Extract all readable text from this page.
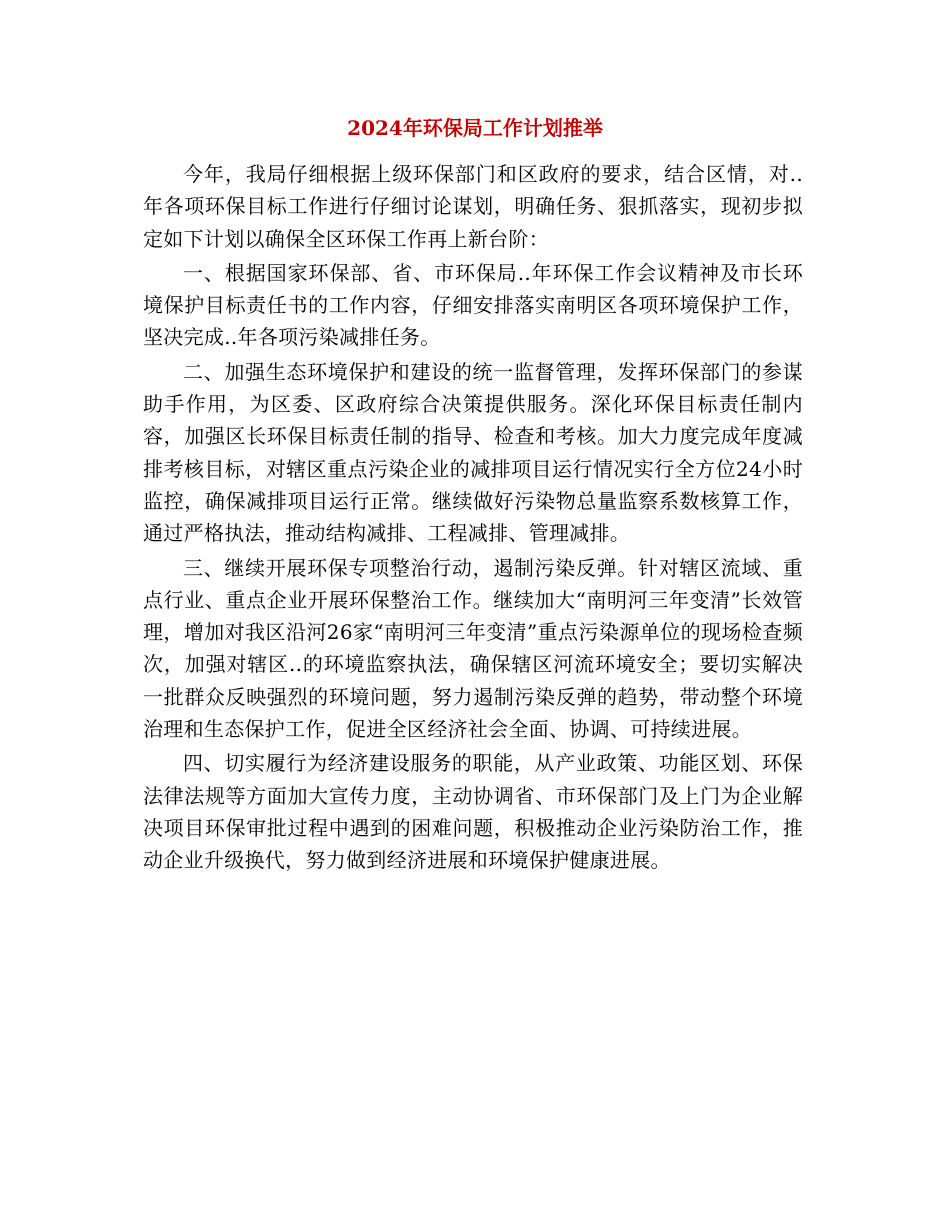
2024年环保局工作计划推举

今年，我局仔细根据上级环保部门和区政府的要求，结合区情，对..年各项环保目标工作进行仔细讨论谋划，明确任务、狠抓落实，现初步拟定如下计划以确保全区环保工作再上新台阶：

一、根据国家环保部、省、市环保局..年环保工作会议精神及市长环境保护目标责任书的工作内容，仔细安排落实南明区各项环境保护工作，坚决完成..年各项污染减排任务。

二、加强生态环境保护和建设的统一监督管理，发挥环保部门的参谋助手作用，为区委、区政府综合决策提供服务。深化环保目标责任制内容，加强区长环保目标责任制的指导、检查和考核。加大力度完成年度减排考核目标，对辖区重点污染企业的减排项目运行情况实行全方位24小时监控，确保减排项目运行正常。继续做好污染物总量监察系数核算工作，通过严格执法，推动结构减排、工程减排、管理减排。

三、继续开展环保专项整治行动，遏制污染反弹。针对辖区流域、重点行业、重点企业开展环保整治工作。继续加大“南明河三年变清”长效管理，增加对我区沿河26家“南明河三年变清”重点污染源单位的现场检查频次，加强对辖区..的环境监察执法，确保辖区河流环境安全；要切实解决一批群众反映强烈的环境问题，努力遏制污染反弹的趋势，带动整个环境治理和生态保护工作，促进全区经济社会全面、协调、可持续进展。

四、切实履行为经济建设服务的职能，从产业政策、功能区划、环保法律法规等方面加大宣传力度，主动协调省、市环保部门及上门为企业解决项目环保审批过程中遇到的困难问题，积极推动企业污染防治工作，推动企业升级换代，努力做到经济进展和环境保护健康进展。
